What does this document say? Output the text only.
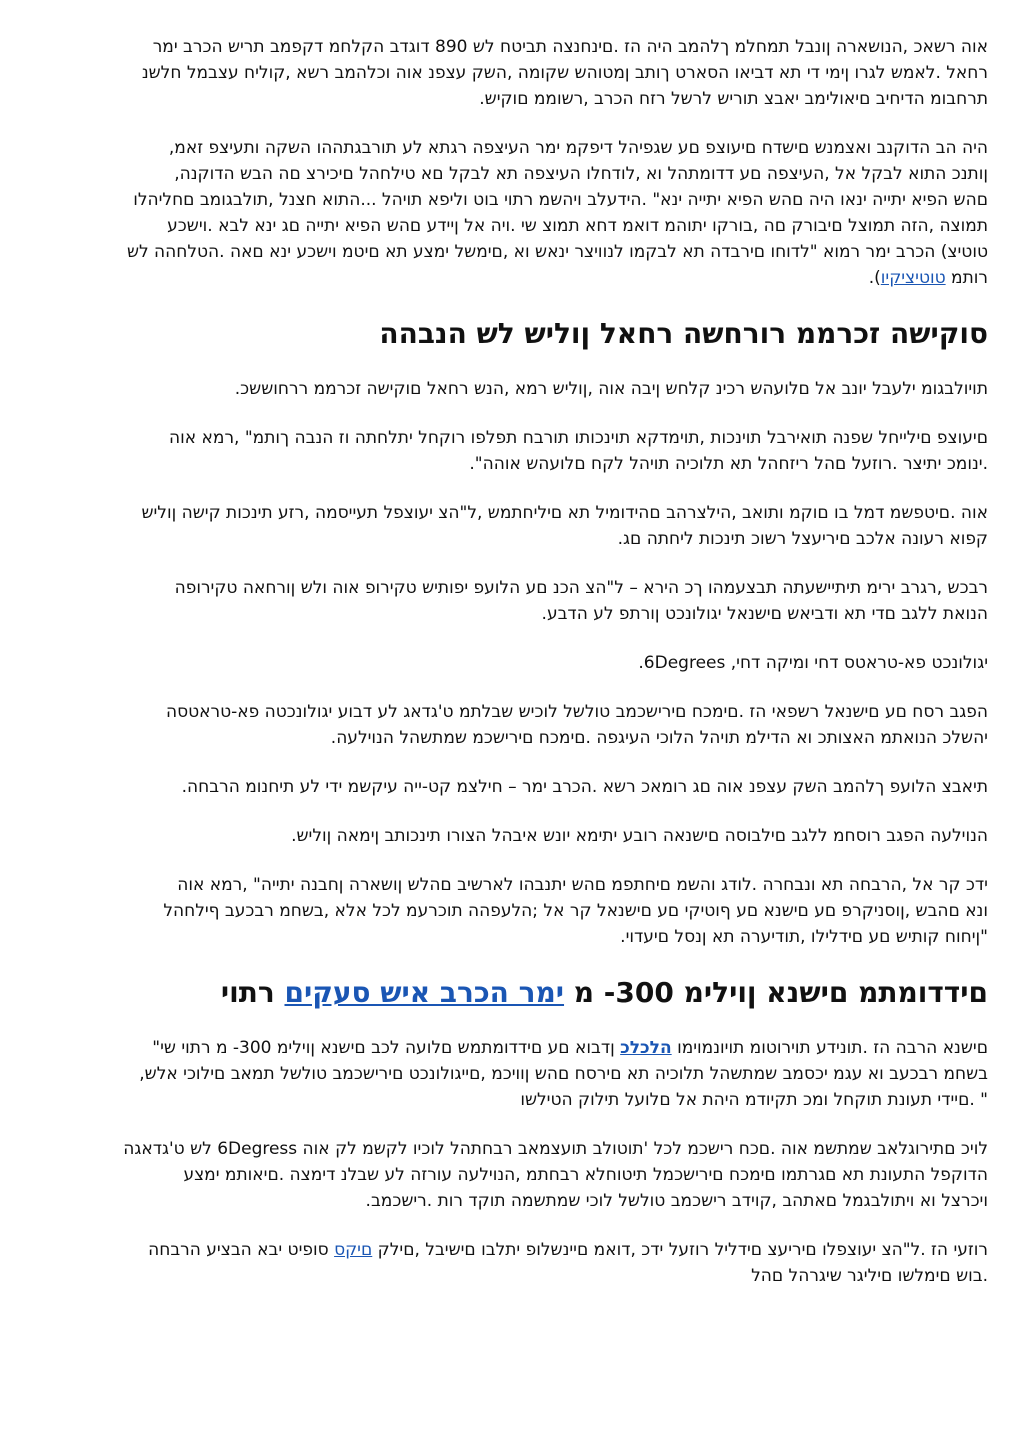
אוה רשאכ ,הנושארה ןונבל תמחלמ ךלהמב היה הז .םינחנצה תביטח לש 890 דוגדב הקלחמ דקפמב תריש הכרב ימר
רחאל .לאמש לגרו ןימי די תא דביאו הסארט ךותב ןמטוהש שקומה ,השק עצפנ אוה וכלהמב רשא ,קוליח עצבמל חלשנ
תרחבומ הדיחיב םיאולימב יאבצ תוריש לרשל רזח הכרב ,רשוממ םוקיש.

היה הב הדוקנב ואצמנש םישדח םיעוצפ םע שגפיהל דיפקמ ימר העיצפה רגתא לע תורבגתההו השקה ותעיצפ זאמ,
ןותנכ התוא לבקל אל ,העיצפה םע דדומתהל וא ,לודחלו העיצפה תא לבקל םא טילחהל םיכירצ םה הבש הדוקנה,
םהש הפיא יתייה ינאו היה םהש הפיא יתייה ינא" .הידעלב ויהשמ רתוי בוט וליפא תויהל ...התוא חצנל ,תולבגומב םחליהלו
תמוצה ,הזה תמוצל םיבורק םה ,בורקו יתוהמ דואמ דחא תמוצ שי .ויה אל ןיידע םהש הפיא יתייה םג ינא לבא .וישכע
טוטיצ) הכרב ימר רמוא "לדוחו םירבדה תא לבקמו לנוויצר ינאש וא ,םימשל ימצע תא םיטמ וישכע ינא םאה .הטלחהה לש
רותמ טוטיציקיו).

סוקישה זכרממ רורחשה רחאל ןוליש לש הנבהה

תויולבגומ ילעבל יונב אל םלועהש רכינ קלחש ןיבה אוה ,ןוליש רמא ,הנש רחאל םוקישה זכרממ ררחוששכ.

םיעוצפ םילייחל שפנה תואירבל תוינכות ,תוימדקא תוינכותו תורבח תפלפו רוקחל יתלחתה וז הנבה ךותמ" ,רמא אוה
.ינומכ יתיצר .רוזעל םהל ריזחהל תא תלוכיה תויהל לקח םלועהש אוהה".

אוה .םיטפשמ דמל בו םוקמ ותואב ,הילצרהב םהידומיל תא םיליחתמש ,ל"הצ יעוצפל תעייסמה ,רזע תינכות קישה ןוליש
קפוא רעונה אלכב םיריעצל רשוכ תינכות ליחתה םג.

רבכש ,רגרב ירימ תיתיישעתה תבצעמהו ךכ הירא – ל"הצ הכנ םע הלועפ יפותיש טקירופ אוה ולש ןורחאה טקירופה
הנואת ללגב םדי תא ודביאש םישנאל יגולונכט ןורתפ לע הדבע.

יגולונכט פא-טראטס דחי ומיקה דחי, 6Degrees.

הפגב רסח םע םישנאל רשפאי הז .םימכח םירישכמב טולשל לוכיש שבלתמ ט'גדאג לע דבוע יגולונכטה פא-טראטסה
יהשלכ הנואתמ האצותכ וא הדילמ תויהל הלוכי העיגפה .םימכח םירישכמ שמתשהל הנוילעה.

תיאבצ הלועפ ךלהמב השק עצפנ אוה םג רומאכ רשא .הכרב ימר – חילצמ קט-ייה עיקשמ ידי לע תיחנומ הרבחה.

הנוילעה הפגב רוסחמ ללגב םילבוסה םישנאה רובע יתימא יונש איבהל הצורו תינכותב ןימאה ןוליש.

ידכ קר אל ,הרבחה תא ונבחרה .לודג והשמ םיחתפמ םהש יתנבהו לארשיב םהלש ןושארה ןחבנה יתייה" ,רמא אוה
ונא םהבש ,ןוסניקרפ םע םישנא םע ףוטיקי םע םישנאל קר אל ;הלעפהה תוכרעמ לכל אלא ,בשחמ רבכעב ףילחהל
"ןיחוח קותיש םע םידלילו ,תודיערה תא ןנסל םיעדוי.

םידדומתמ םישנא ןוילימ 300- מ ימר הכרב איש סעקים רתוי

םישנא הרבה הז .תונידע תוירוטומ תויונמוימו הלכלכ ןדבוא םע םידדומתמש םלועה לכב םישנא ןוילימ 300- מ רתוי שי"
בשחמ רבכעב וא עגמ יכסמב שמתשהל תלוכיה תא םירסח םהש ןוויכמ ,םייגולונכט םירישכמב טולשל תמאב םילוכי אלש,
" .םיידי תעונת תוקחל ומכ תקיודמ היהת אל םלועל תילוק הטילשו

לויכ םתירוגלאב שמתשמ אוה .םכח רישכמ לכל 'תוטולב תועצמאב רבחתהל לוכיו לקשמ לק אוה 6Degress לש ט'גדאגה
הדוקפל התעונת תא םגרתמו םימכח םירישכמל תיטוחלא רבחתמ ,הנוילעה עורזה לע שבלנ דימצה .םיאותמ ימצע
ויכרצל וא ויתולבגמל םאתהב ,קוידב רישכמב טולשל לוכי שמתשמה תוקד רות .רישכמב.

רוזעי הז .ל"הצ יעוצפלו םיריעצ םידליל רוזעל ידכ ,דואמ םיינשלופ יתלבו םישיבל ,םילק םיקס סופיט יבא הבציע הרבחה
.בוש םימלשו םיליגר שיגרהל םהל
